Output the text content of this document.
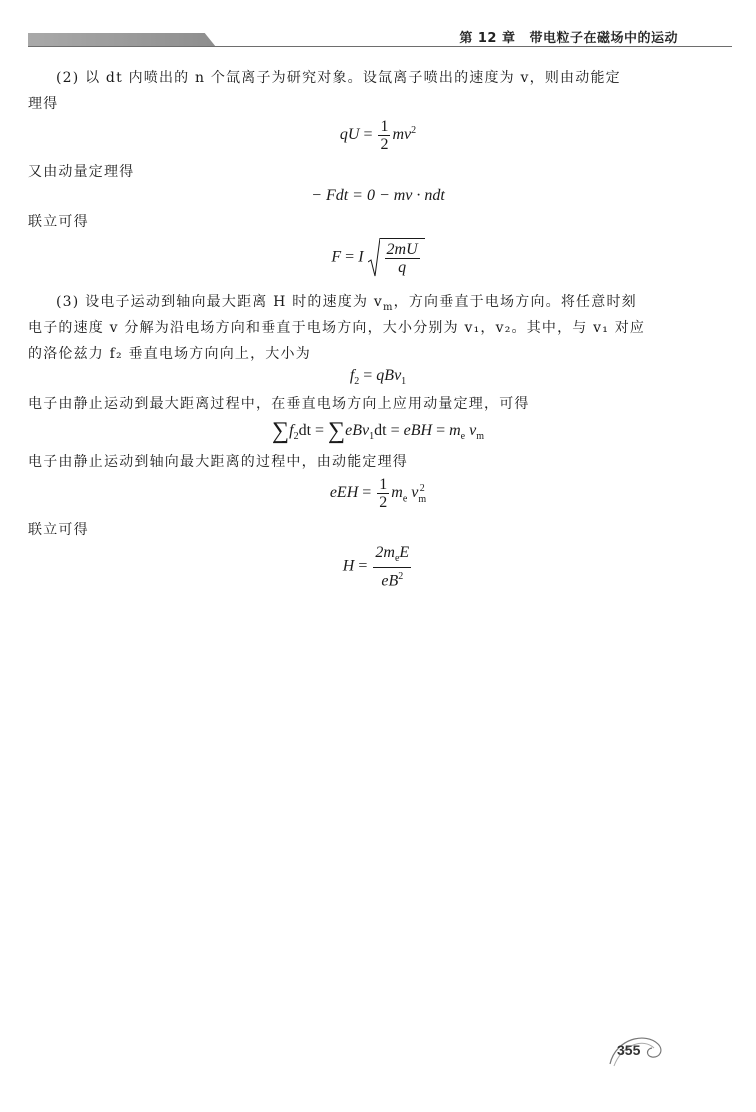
第 12 章 带电粒子在磁场中的运动
(2) 以 dt 内喷出的 n 个氙离子为研究对象。设氙离子喷出的速度为 v，则由动能定
理得
qU = $\frac{1}{2} mv^2$
又由动量定理得
− Fdt = 0 − mv · ndt
联立可得
F = I $\frac{2mU}{q}$
(3) 设电子运动到轴向最大距离 H 时的速度为 $v_m$，方向垂直于电场方向。将任意时刻
电子的速度 v 分解为沿电场方向和垂直于电场方向，大小分别为 v₁，v₂。其中，与 v₁ 对应
的洛伦兹力 f₂ 垂直电场方向向上，大小为
$f_2 = qBv_1$
电子由静止运动到最大距离过程中，在垂直电场方向上应用动量定理，可得
$\sum f_2dt = \sum eBv_1dt$ = eBH = $m_e$ $v_m$
电子由静止运动到轴向最大距离的过程中，由动能定理得
eEH = $\frac{1}{2} m_e$ v 2
m
联立可得
$H = \frac{2m_eE}{eB^2}$
355
